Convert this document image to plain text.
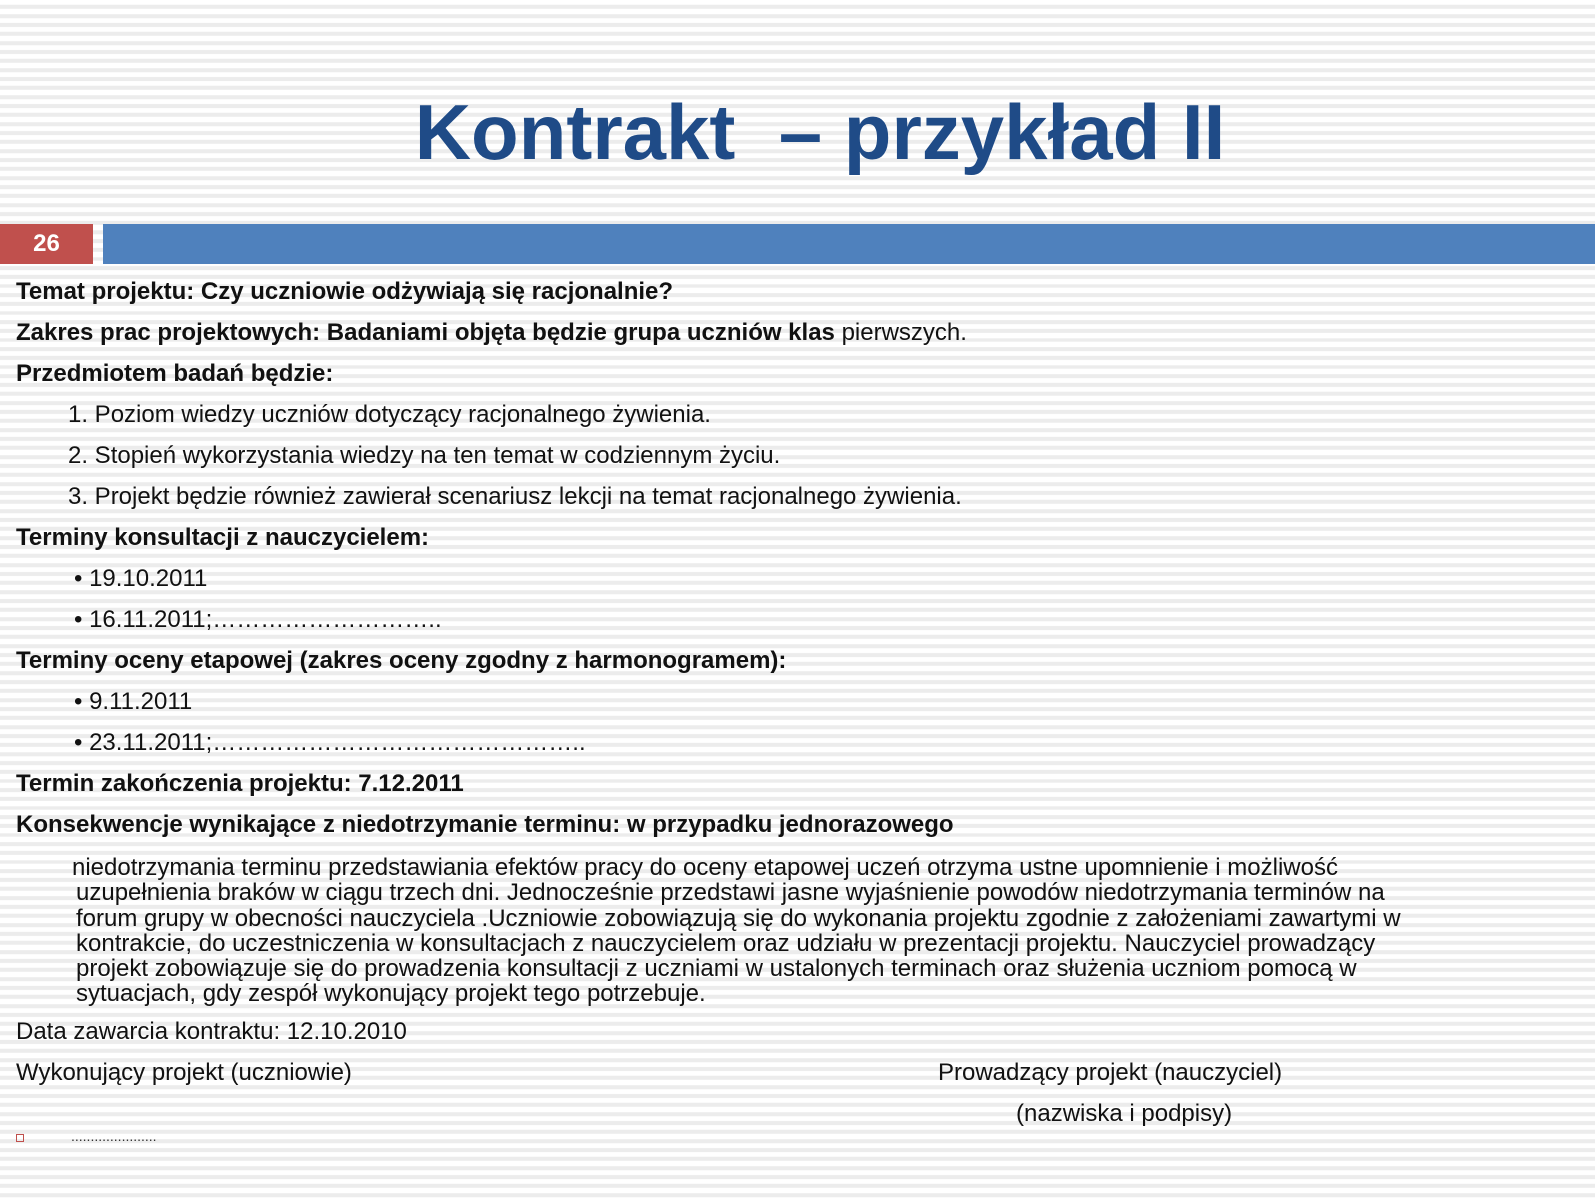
Kontrakt  – przykład II
26
Temat projektu: Czy uczniowie odżywiają się racjonalnie?
Zakres prac projektowych: Badaniami objęta będzie grupa uczniów klas pierwszych.
Przedmiotem badań będzie:
1. Poziom wiedzy uczniów dotyczący racjonalnego żywienia.
2. Stopień wykorzystania wiedzy na ten temat w codziennym życiu.
3. Projekt będzie również zawierał scenariusz lekcji na temat racjonalnego żywienia.
Terminy konsultacji z nauczycielem:
• 19.10.2011
• 16.11.2011;………………………..
Terminy oceny etapowej (zakres oceny zgodny z harmonogramem):
• 9.11.2011
• 23.11.2011;………………………………………..
Termin zakończenia projektu: 7.12.2011
Konsekwencje wynikające z niedotrzymanie terminu: w przypadku jednorazowego
niedotrzymania terminu przedstawiania efektów pracy do oceny etapowej uczeń otrzyma ustne upomnienie i możliwość
uzupełnienia braków w ciągu trzech dni. Jednocześnie przedstawi jasne wyjaśnienie powodów niedotrzymania terminów na
forum grupy w obecności nauczyciela .Uczniowie zobowiązują się do wykonania projektu zgodnie z założeniami zawartymi w
kontrakcie, do uczestniczenia w konsultacjach z nauczycielem oraz udziału w prezentacji projektu. Nauczyciel prowadzący
projekt zobowiązuje się do prowadzenia konsultacji z uczniami w ustalonych terminach oraz służenia uczniom pomocą w
sytuacjach, gdy zespół wykonujący projekt tego potrzebuje.
Data zawarcia kontraktu: 12.10.2010
Wykonujący projekt (uczniowie)	Prowadzący projekt (nauczyciel)
(nazwiska i podpisy)
......................
